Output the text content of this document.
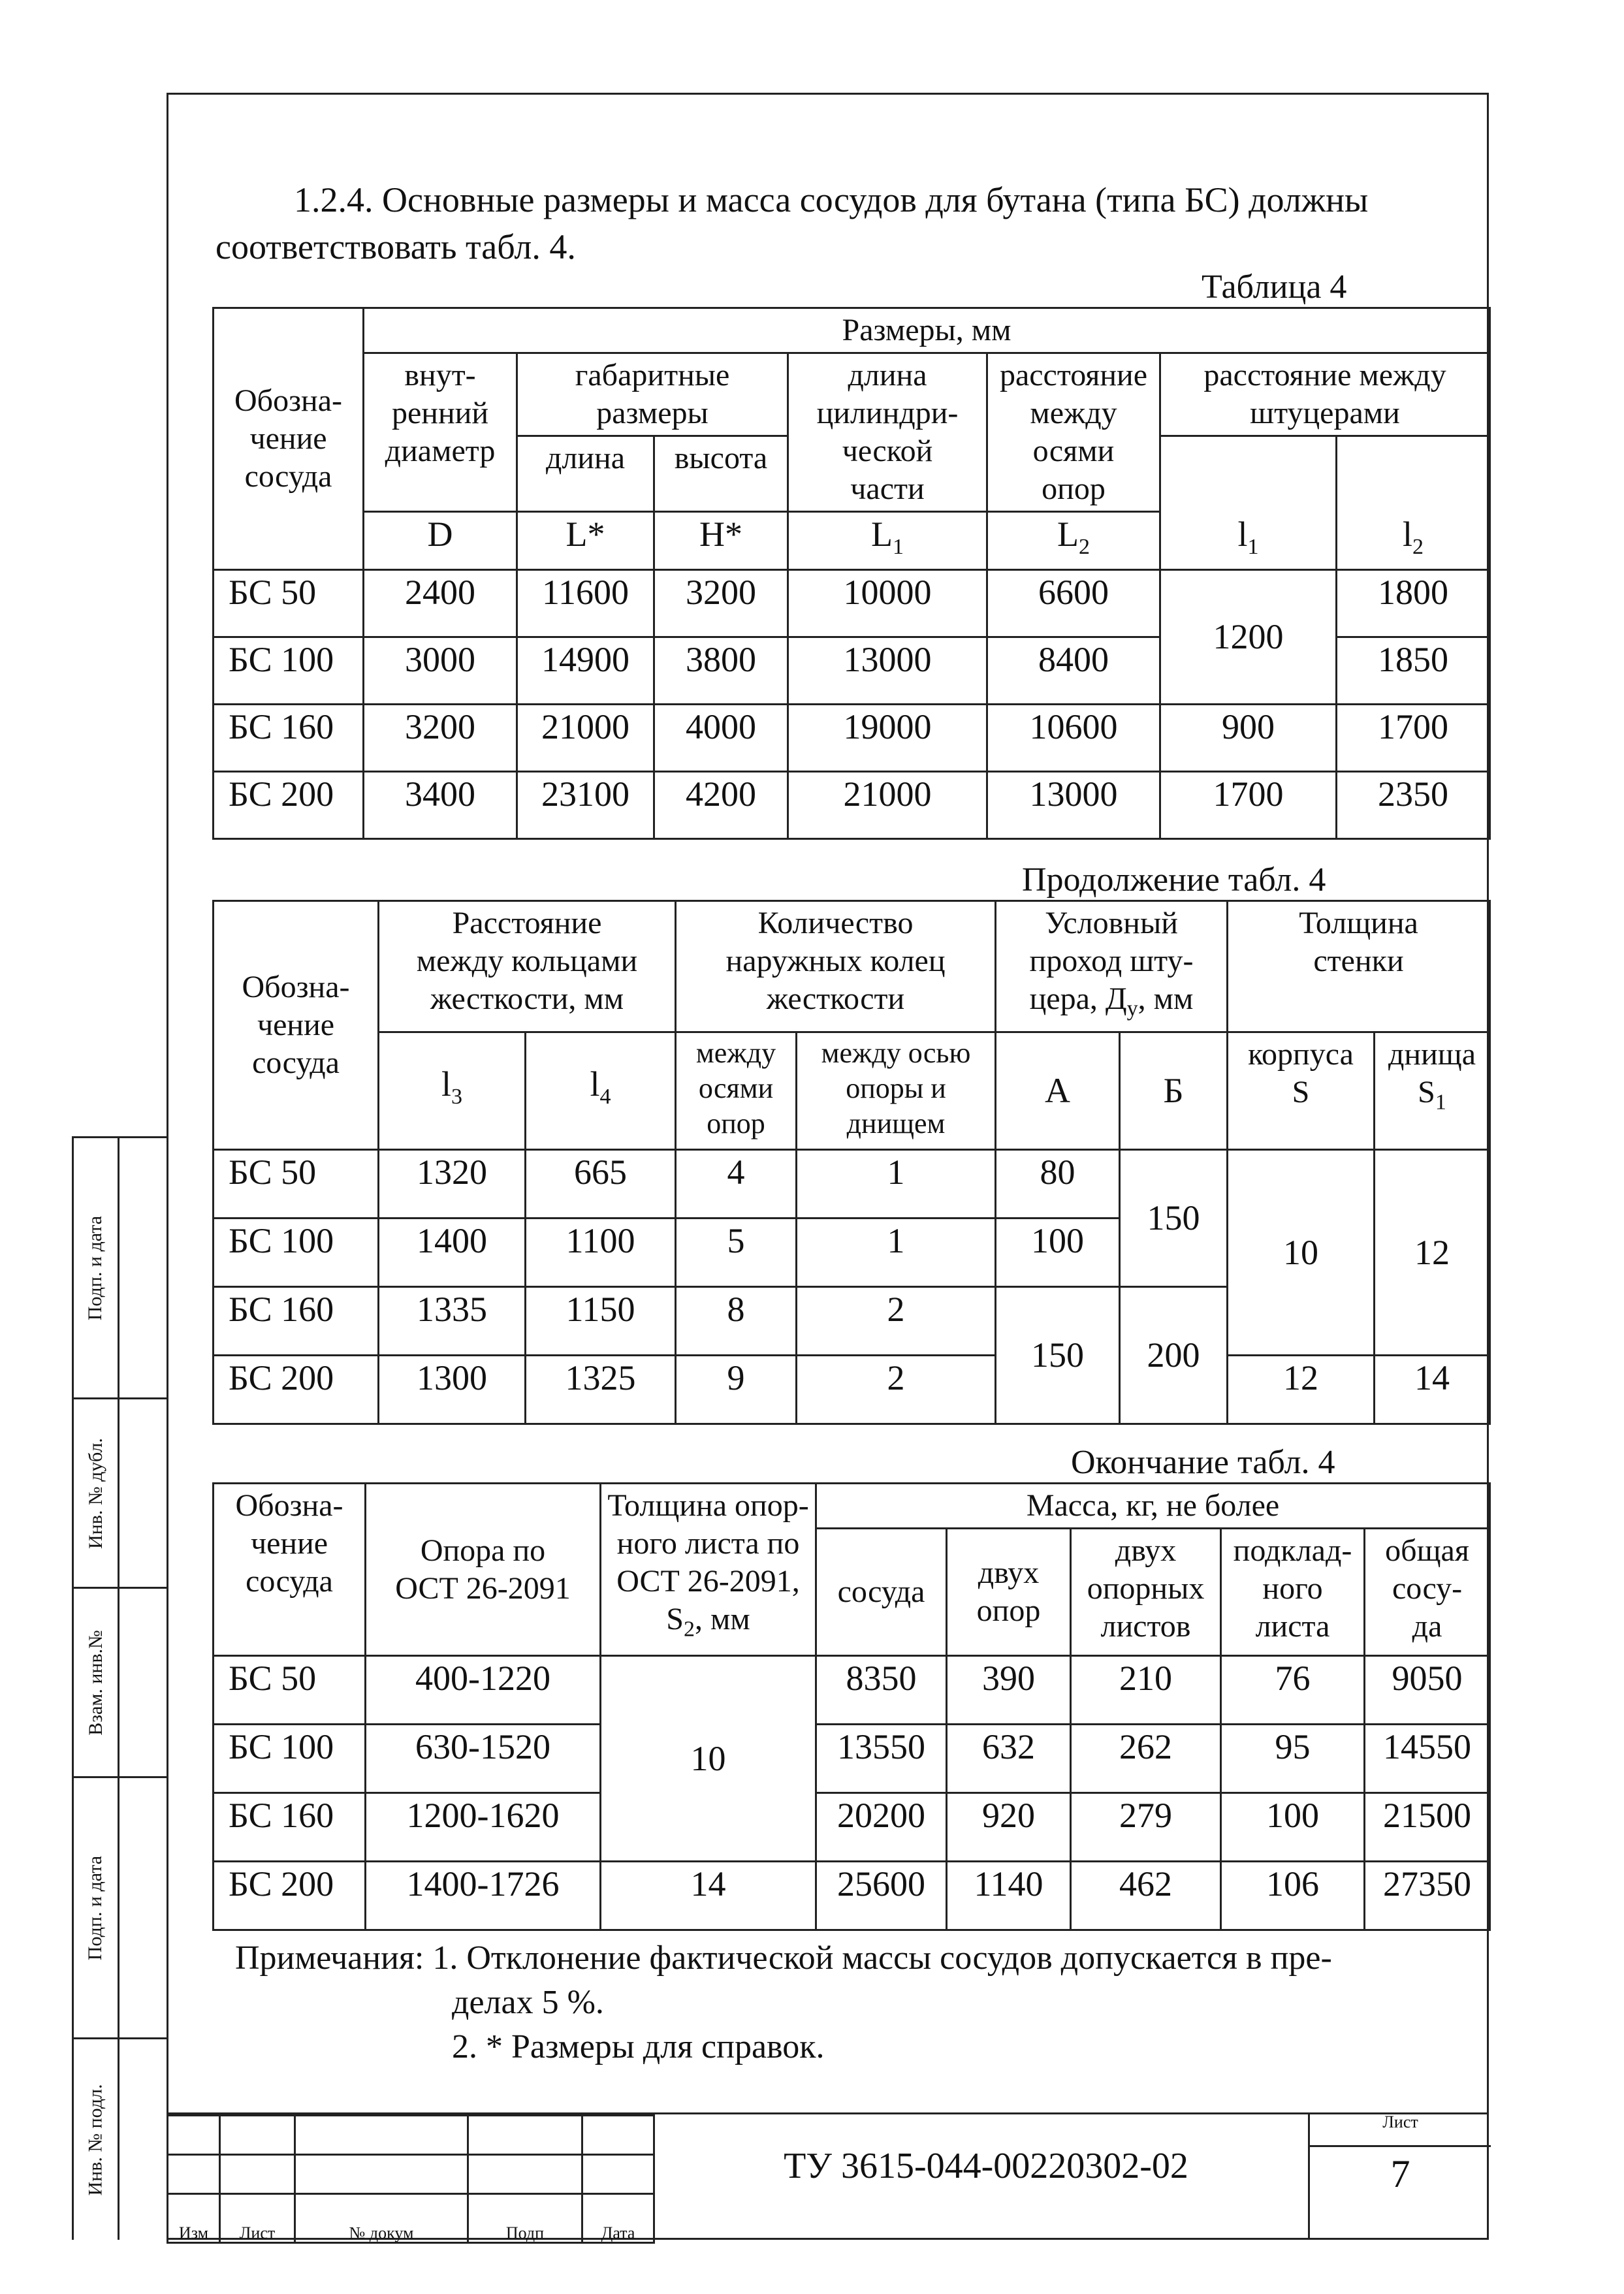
Подп. и дата
Инв. № дубл.
Взам. инв.№
Подп. и дата
Инв. № подл.

1.2.4. Основные размеры и масса сосудов для бутана (типа БС) должны

соответствовать табл. 4.

Таблица 4
Обозна-
чение
сосуда	Размеры, мм						
	внут-
ренний
диаметр	габаритные
размеры		длина
цилиндри-
ческой
части	расстояние
между
осями
опор	расстояние между
штуцерами	
		длина	высота			$l_1$	$l_2$
	D	L*	H*	$L_1$	$L_2$
БС 50	2400	11600	3200	10000	6600	1200	1800
БС 100	3000	14900	3800	13000	8400		1850
БС 160	3200	21000	4000	19000	10600	900	1700
БС 200	3400	23100	4200	21000	13000	1700	2350
Продолжение табл. 4
Обозна-
чение
сосуда	Расстояние
между кольцами
жесткости, мм		Количество
наружных колец
жесткости		Условный
проход шту-
цера, $Д_у$, мм		Толщина
стенки	
	$l_3$	$l_4$	между
осями
опор	между осью
опоры и
днищем	А	Б	корпуса
S	днища
$S_1$
БС 50	1320	665	4	1	80	150	10	12
БС 100	1400	1100	5	1	100			
БС 160	1335	1150	8	2	150	200		
БС 200	1300	1325	9	2			12	14
Окончание табл. 4
Обозна-
чение
сосуда	Опора по
ОСТ 26-2091	Толщина опор-
ного листа по
ОСТ 26-2091,
$S_2$, мм	Масса, кг, не более				
			сосуда	двух
опор	двух
опорных
листов	подклад-
ного
листа	общая
сосу-
да
БС 50	400-1220	10	8350	390	210	76	9050
БС 100	630-1520		13550	632	262	95	14550
БС 160	1200-1620		20200	920	279	100	21500
БС 200	1400-1726	14	25600	1140	462	106	27350

Примечания: 1. Отклонение фактической массы сосудов допускается в пре-

делах 5 %.

2. * Размеры для справок.

Изм	Лист	№ докум	Подп	Дата
ТУ 3615-044-00220302-02
Лист
7
